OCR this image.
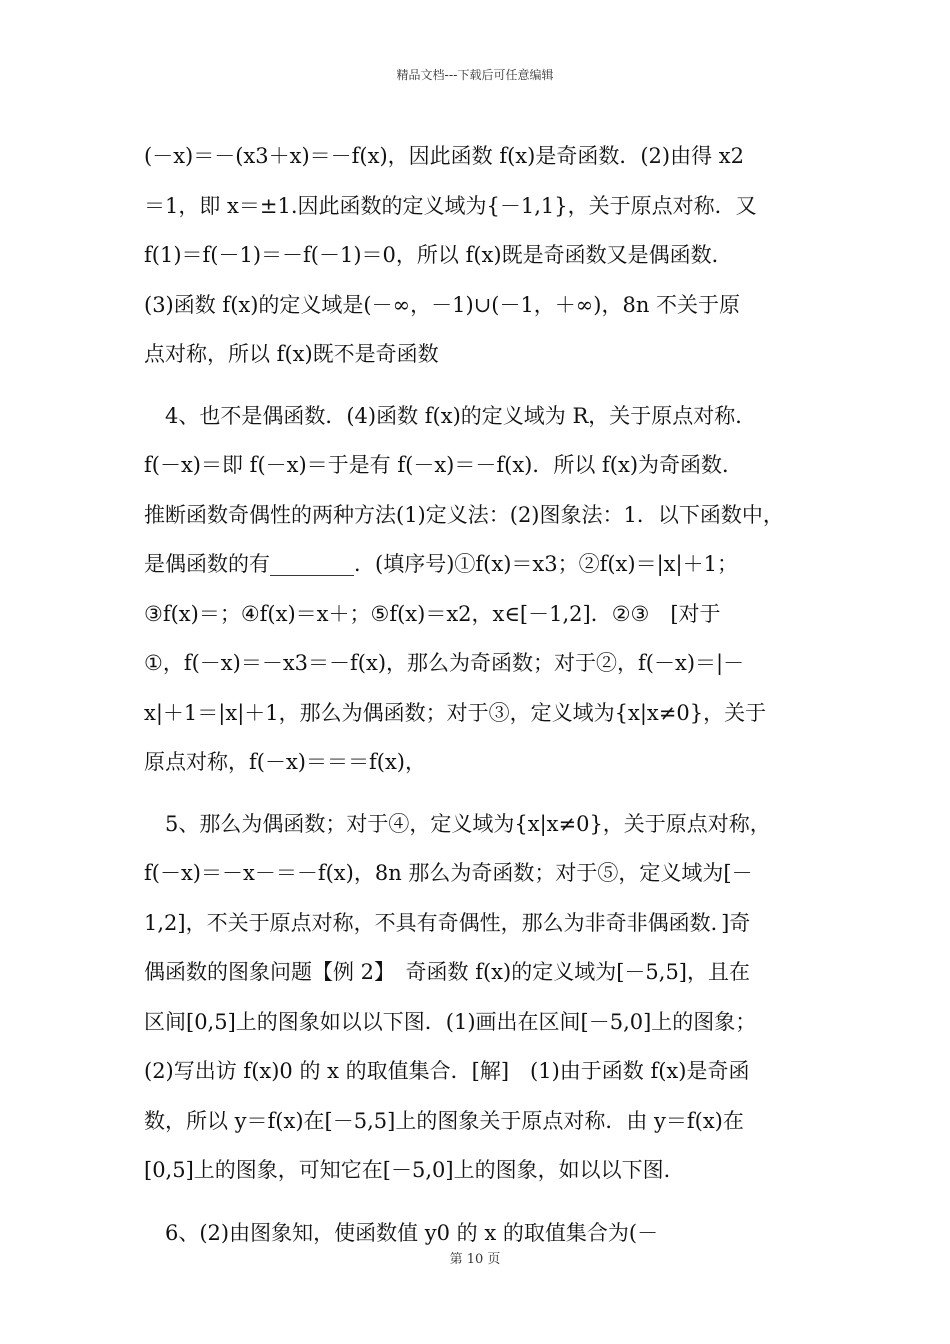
精品文档---下载后可任意编辑

(－x)＝－(x3＋x)＝－f(x)，因此函数 f(x)是奇函数．(2)由得 x2
＝1，即 x＝±1.因此函数的定义域为{－1,1}，关于原点对称．又
f(1)＝f(－1)＝－f(－1)＝0，所以 f(x)既是奇函数又是偶函数．
(3)函数 f(x)的定义域是(－∞，－1)∪(－1，＋∞)，8n 不关于原
点对称，所以 f(x)既不是奇函数

　4、也不是偶函数．(4)函数 f(x)的定义域为 R，关于原点对称．
f(－x)＝即 f(－x)＝于是有 f(－x)＝－f(x)．所以 f(x)为奇函数．
推断函数奇偶性的两种方法(1)定义法：(2)图象法：1．以下函数中，
是偶函数的有________．(填序号)①f(x)＝x3；②f(x)＝|x|＋1；
③f(x)＝；④f(x)＝x＋；⑤f(x)＝x2，x∈[－1,2]．②③　[对于
①，f(－x)＝－x3＝－f(x)，那么为奇函数；对于②，f(－x)＝|－
x|＋1＝|x|＋1，那么为偶函数；对于③，定义域为{x|x≠0}，关于
原点对称，f(－x)＝＝＝f(x)，

　5、那么为偶函数；对于④，定义域为{x|x≠0}，关于原点对称，
f(－x)＝－x－＝－f(x)，8n 那么为奇函数；对于⑤，定义域为[－
1,2]，不关于原点对称，不具有奇偶性，那么为非奇非偶函数．]奇
偶函数的图象问题【例 2】　奇函数 f(x)的定义域为[－5,5]，且在
区间[0,5]上的图象如以以下图．(1)画出在区间[－5,0]上的图象；
(2)写出访 f(x)0 的 x 的取值集合．[解]　(1)由于函数 f(x)是奇函
数，所以 y＝f(x)在[－5,5]上的图象关于原点对称．由 y＝f(x)在
[0,5]上的图象，可知它在[－5,0]上的图象，如以以下图．

　6、(2)由图象知，使函数值 y0 的 x 的取值集合为(－

第 10 页
